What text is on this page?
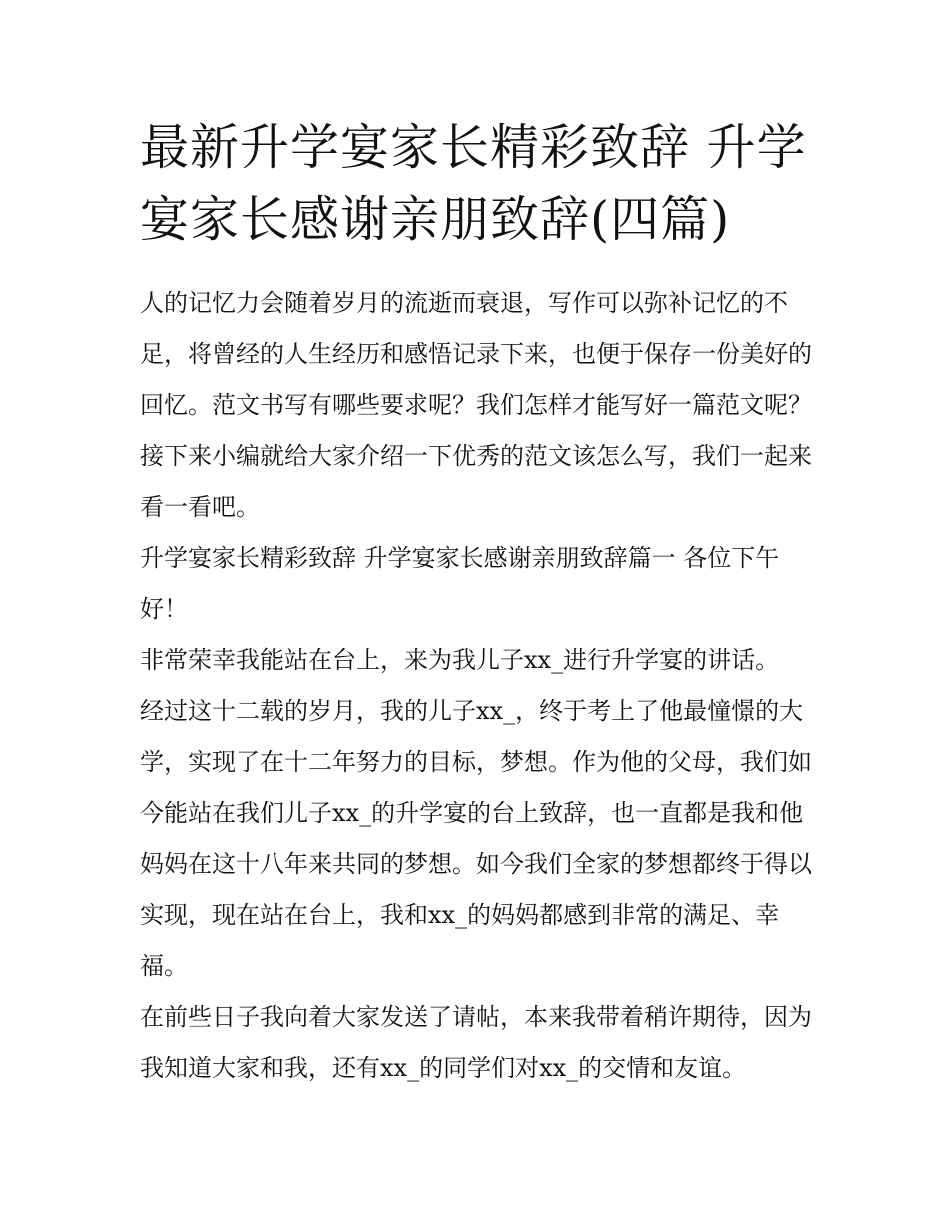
最新升学宴家长精彩致辞 升学宴家长感谢亲朋致辞(四篇)

人的记忆力会随着岁月的流逝而衰退，写作可以弥补记忆的不足，将曾经的人生经历和感悟记录下来，也便于保存一份美好的回忆。范文书写有哪些要求呢？我们怎样才能写好一篇范文呢？接下来小编就给大家介绍一下优秀的范文该怎么写，我们一起来看一看吧。

升学宴家长精彩致辞 升学宴家长感谢亲朋致辞篇一 各位下午好！

非常荣幸我能站在台上，来为我儿子xx_进行升学宴的讲话。

经过这十二载的岁月，我的儿子xx_，终于考上了他最憧憬的大学，实现了在十二年努力的目标，梦想。作为他的父母，我们如今能站在我们儿子xx_的升学宴的台上致辞，也一直都是我和他妈妈在这十八年来共同的梦想。如今我们全家的梦想都终于得以实现，现在站在台上，我和xx_的妈妈都感到非常的满足、幸福。

在前些日子我向着大家发送了请帖，本来我带着稍许期待，因为我知道大家和我，还有xx_的同学们对xx_的交情和友谊。
